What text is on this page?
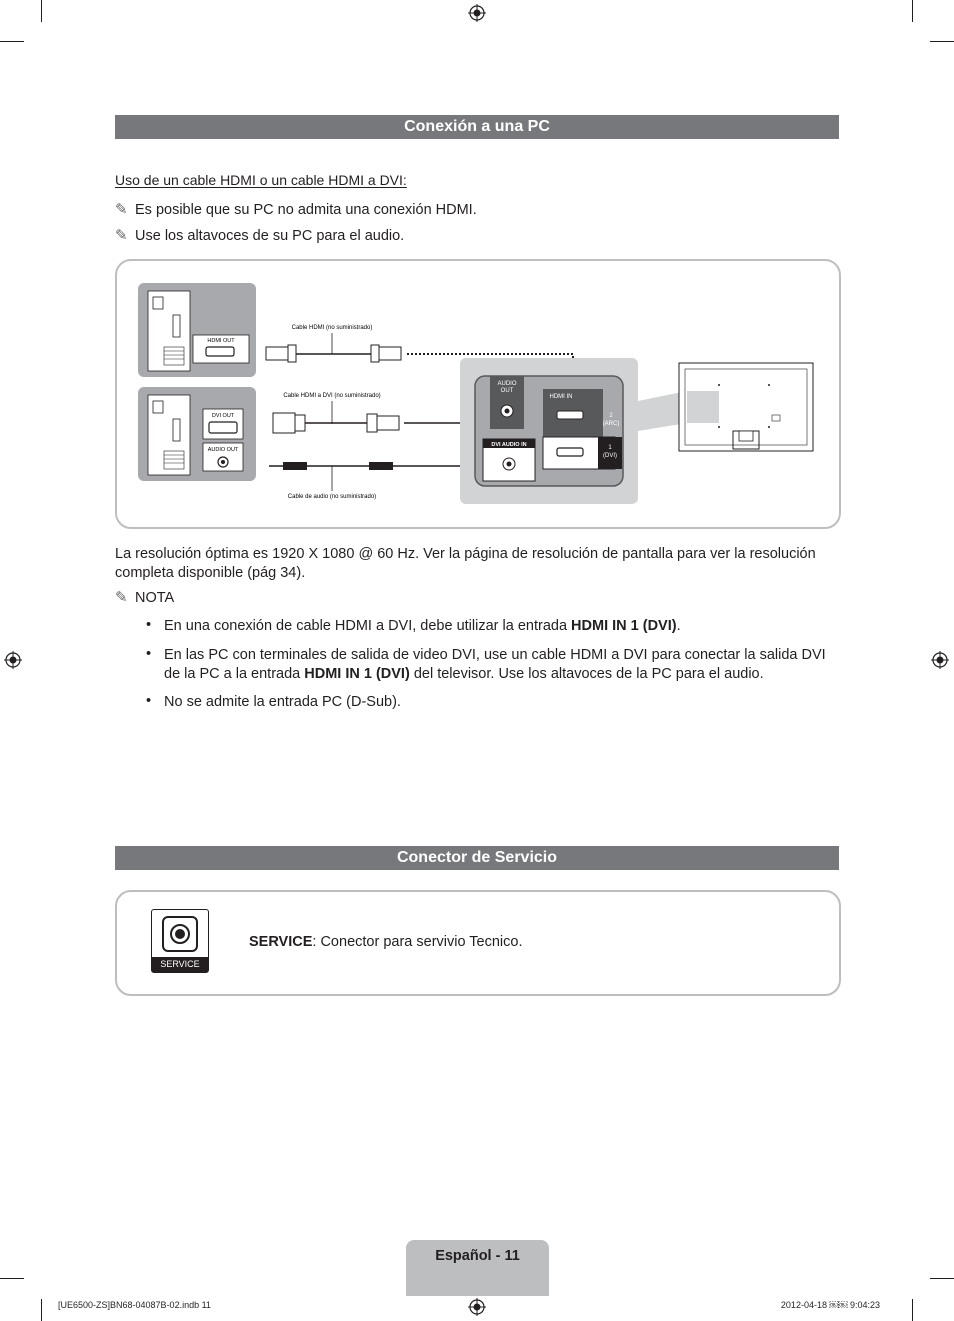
Conexión a una PC
Uso de un cable HDMI o un cable HDMI a DVI:
✎ Es posible que su PC no admita una conexión HDMI.
✎ Use los altavoces de su PC para el audio.
HDMI OUT
DVI OUT
AUDIO OUT
Cable HDMI (no suministrado)
Cable HDMI a DVI (no suministrado)
Cable de audio (no suministrado)
AUDIO
OUT
HDMI IN
2
(ARC)
1
(DVI)
DVI AUDIO IN
La resolución óptima es 1920 X 1080 @ 60 Hz. Ver la página de resolución de pantalla para ver la resolución completa disponible (pág 34).
✎ NOTA
• En una conexión de cable HDMI a DVI, debe utilizar la entrada HDMI IN 1 (DVI).
• En las PC con terminales de salida de video DVI, use un cable HDMI a DVI para conectar la salida DVI de la PC a la entrada HDMI IN 1 (DVI) del televisor. Use los altavoces de la PC para el audio.
• No se admite la entrada PC (D-Sub).
Conector de Servicio
SERVICE
SERVICE: Conector para servivio Tecnico.
Español - 11
[UE6500-ZS]BN68-04087B-02.indb 11	2012-04-18 ￼￼ 9:04:23
